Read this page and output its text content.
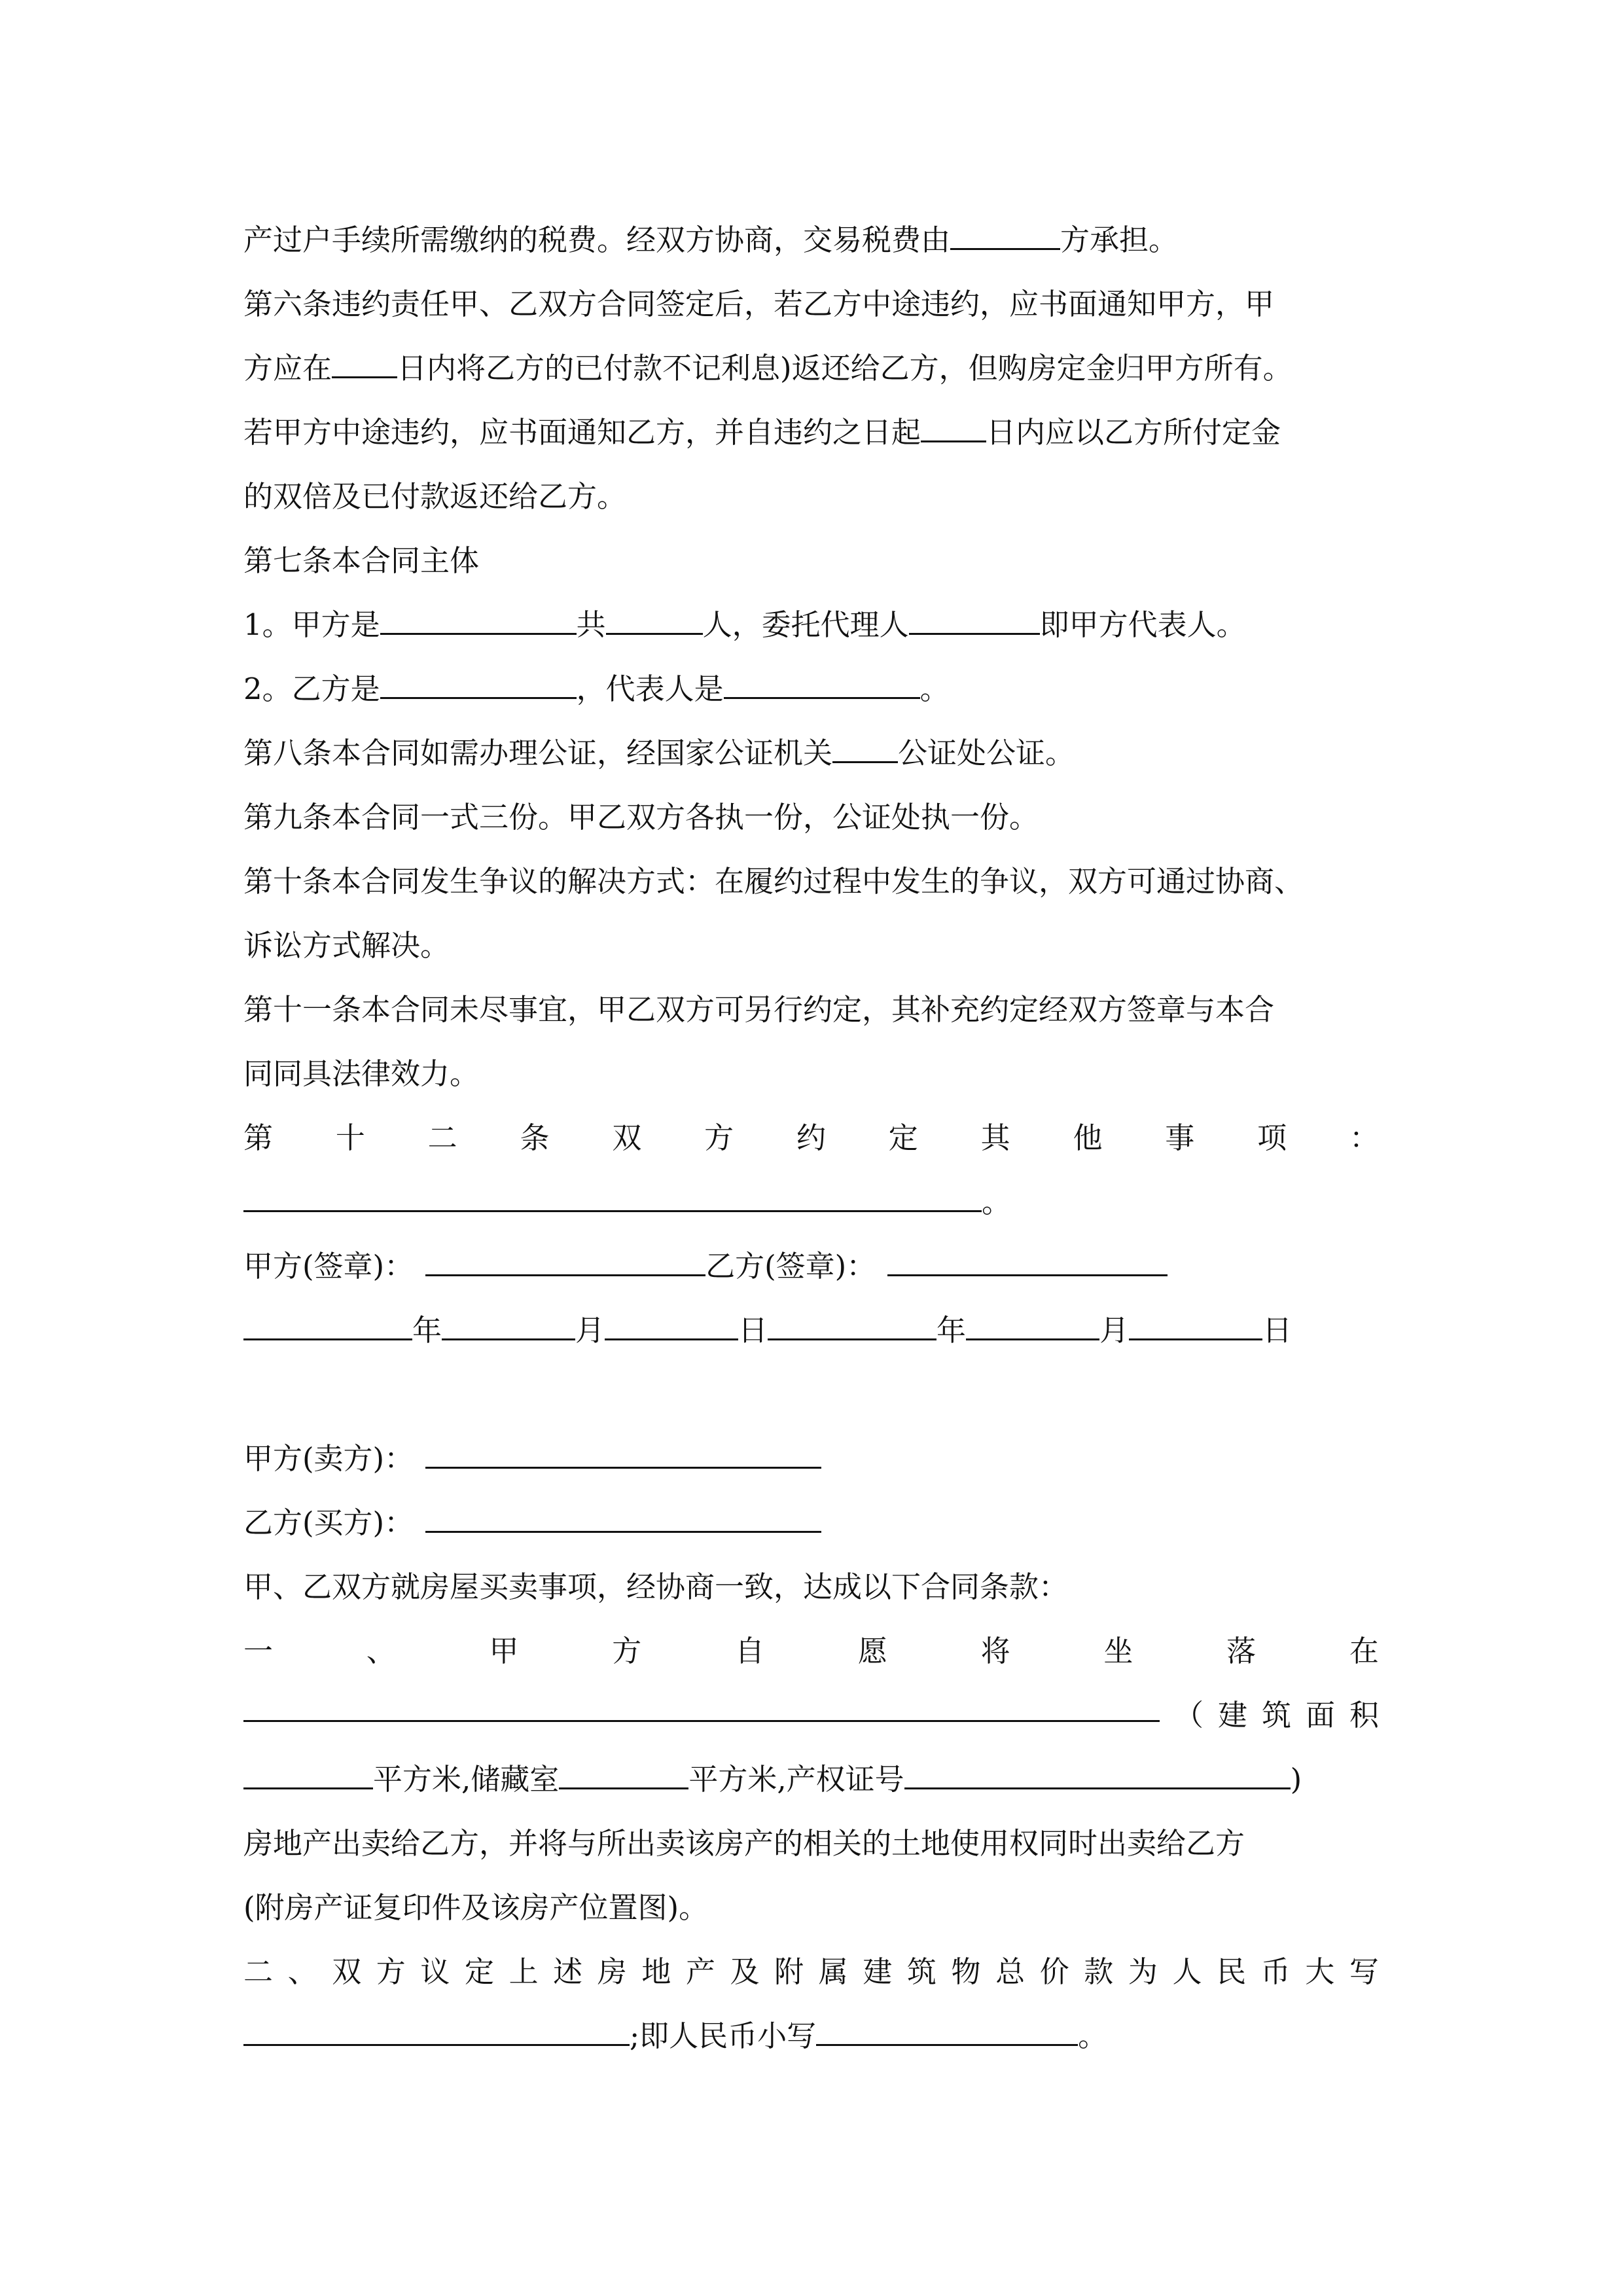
产过户手续所需缴纳的税费。经双方协商，交易税费由	方承担。
第六条违约责任甲、乙双方合同签定后，若乙方中途违约，应书面通知甲方，甲
方应在 日内将乙方的已付款不记利息)返还给乙方，但购房定金归甲方所有。
若甲方中途违约，应书面通知乙方，并自违约之日起 日内应以乙方所付定金
的双倍及已付款返还给乙方。
第七条本合同主体
1。甲方是	共	人，委托代理人	即甲方代表人。
2。乙方是	，代表人是	。
第八条本合同如需办理公证，经国家公证机关 公证处公证。
第九条本合同一式三份。甲乙双方各执一份，公证处执一份。
第十条本合同发生争议的解决方式：在履约过程中发生的争议，双方可通过协商、
诉讼方式解决。
第十一条本合同未尽事宜，甲乙双方可另行约定，其补充约定经双方签章与本合
同同具法律效力。
第 十 二 条 双 方 约 定 其 他 事 项 ：
。
甲方(签章)：	乙方(签章)：
年	月	日	年	月	日
甲方(卖方)：
乙方(买方)：
甲、乙双方就房屋买卖事项，经协商一致，达成以下合同条款：
一	、	甲	方	自	愿	将	坐	落	在
（ 建 筑 面 积
平方米,储藏室	平方米,产权证号	)
房地产出卖给乙方，并将与所出卖该房产的相关的土地使用权同时出卖给乙方
(附房产证复印件及该房产位置图)。
二 、 双 方 议 定 上 述 房 地 产 及 附 属 建 筑 物 总 价 款 为 人 民 币 大 写
;即人民币小写	。
